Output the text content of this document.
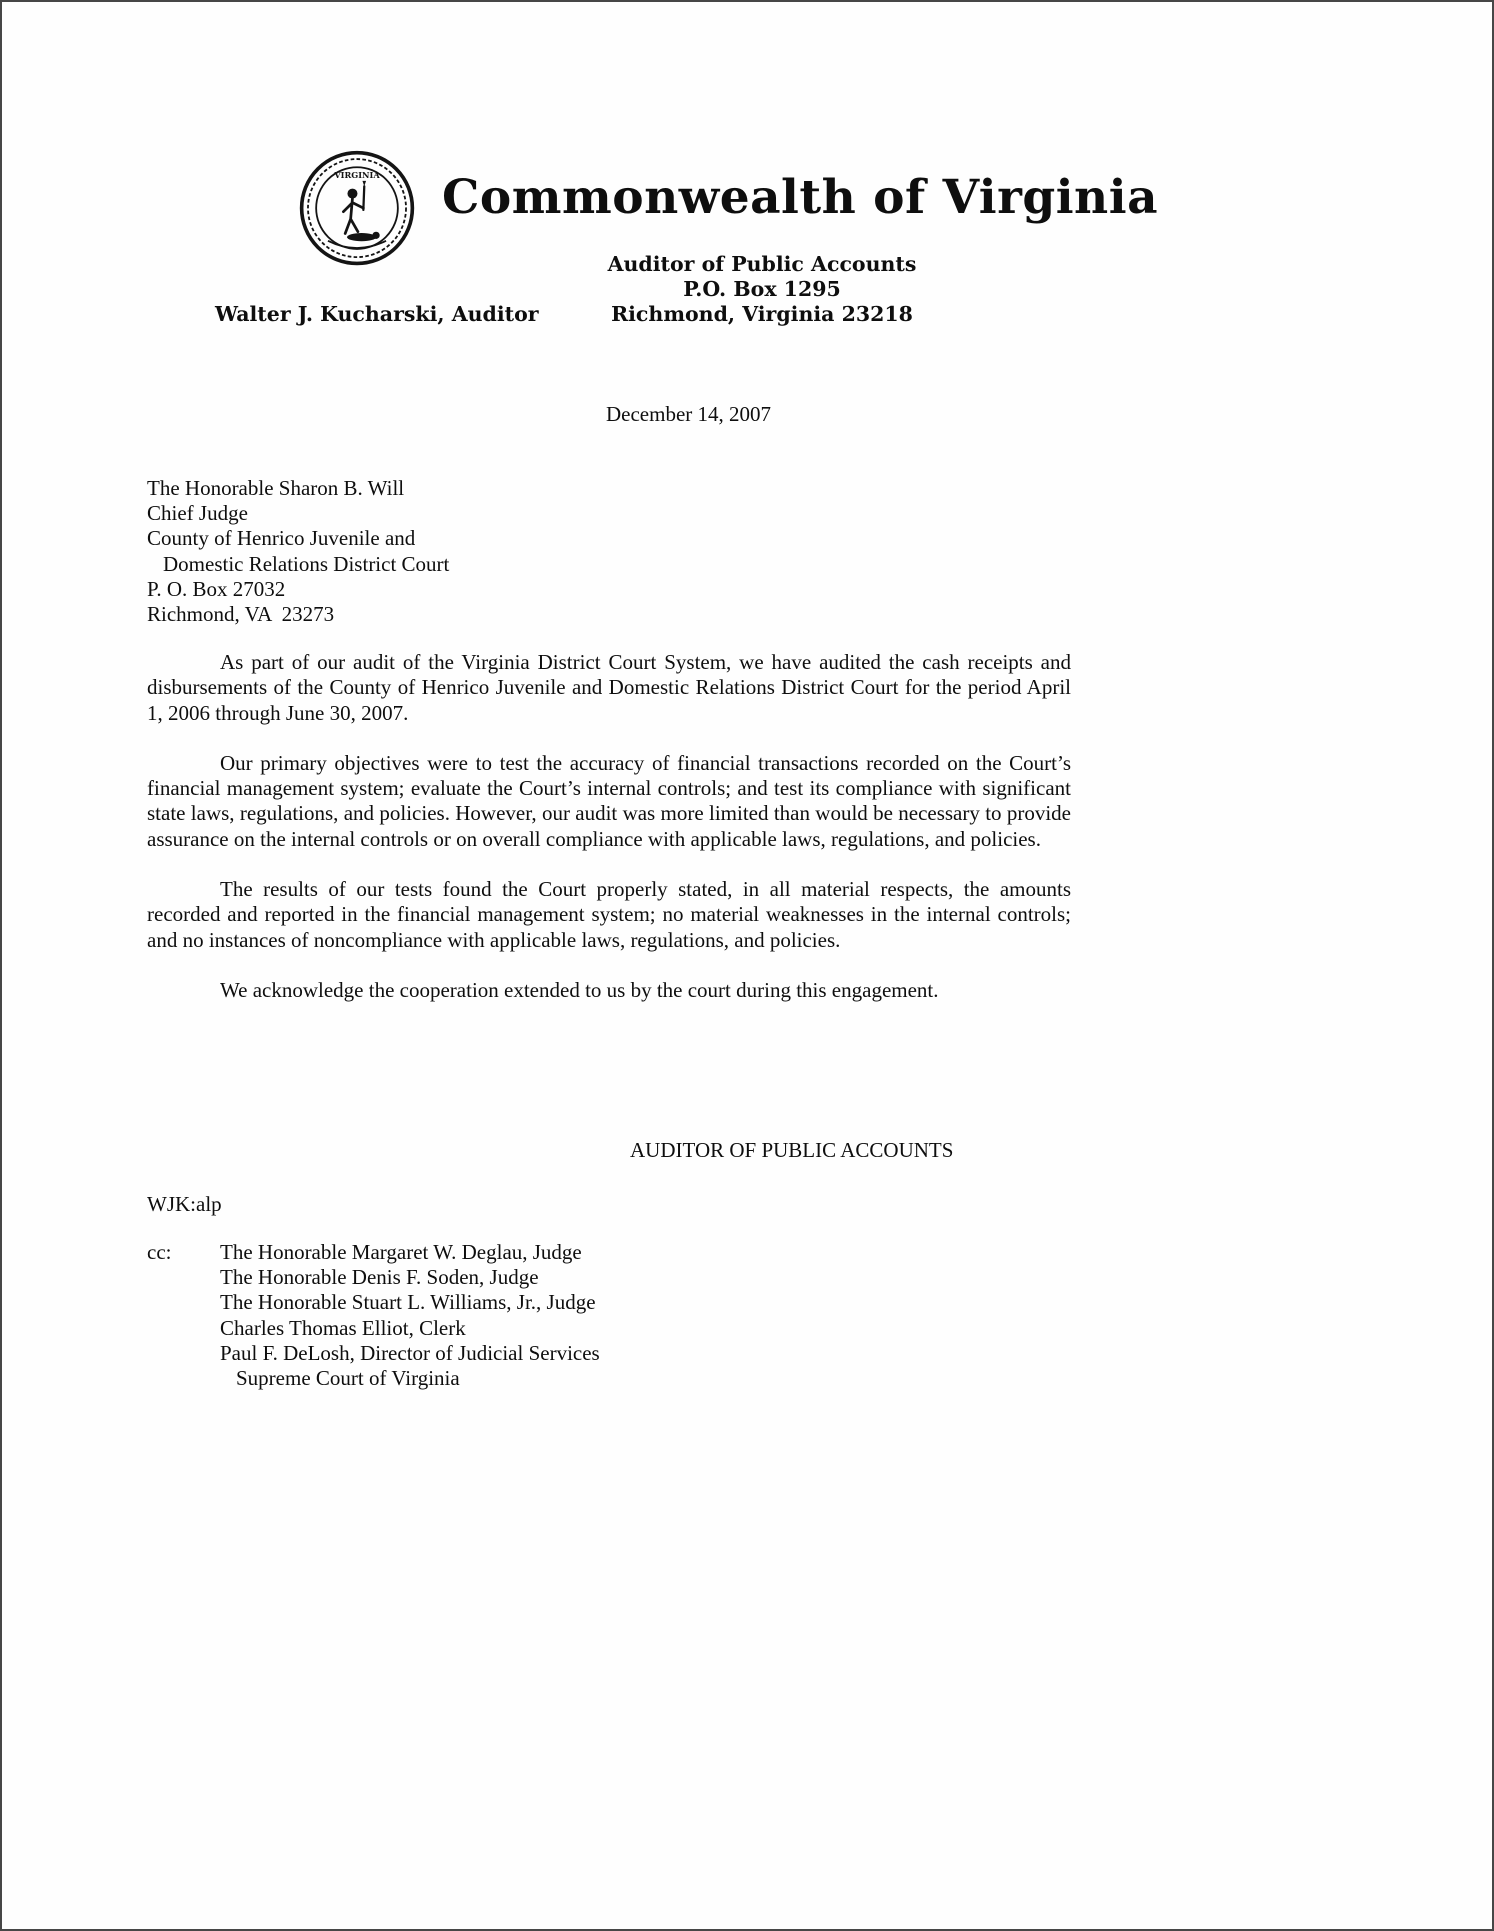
VIRGINIA Commonwealth of Virginia
Auditor of Public Accounts
P.O. Box 1295
Richmond, Virginia 23218
Walter J. Kucharski, Auditor
December 14, 2007
The Honorable Sharon B. Will
Chief Judge
County of Henrico Juvenile and
Domestic Relations District Court
P. O. Box 27032
Richmond, VA  23273

As part of our audit of the Virginia District Court System, we have audited the cash receipts and disbursements of the County of Henrico Juvenile and Domestic Relations District Court for the period April 1, 2006 through June 30, 2007.

Our primary objectives were to test the accuracy of financial transactions recorded on the Court’s financial management system; evaluate the Court’s internal controls; and test its compliance with significant state laws, regulations, and policies. However, our audit was more limited than would be necessary to provide assurance on the internal controls or on overall compliance with applicable laws, regulations, and policies.

The results of our tests found the Court properly stated, in all material respects, the amounts recorded and reported in the financial management system; no material weaknesses in the internal controls; and no instances of noncompliance with applicable laws, regulations, and policies.

We acknowledge the cooperation extended to us by the court during this engagement.

AUDITOR OF PUBLIC ACCOUNTS
WJK:alp
cc:	The Honorable Margaret W. Deglau, Judge
The Honorable Denis F. Soden, Judge
The Honorable Stuart L. Williams, Jr., Judge
Charles Thomas Elliot, Clerk
Paul F. DeLosh, Director of Judicial Services
Supreme Court of Virginia
